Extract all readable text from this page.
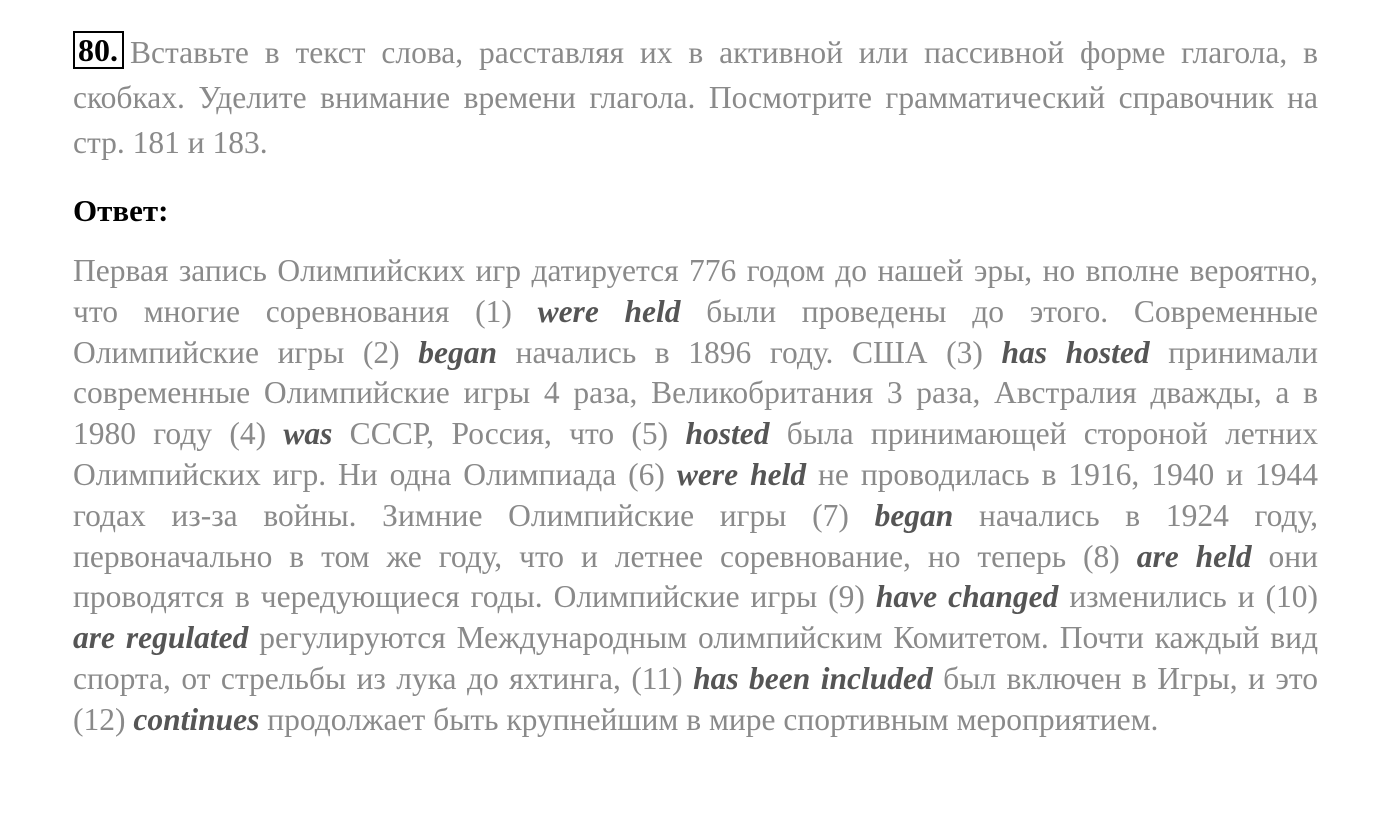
80. Вставьте в текст слова, расставляя их в активной или пассивной форме глагола, в скобках. Уделите внимание времени глагола. Посмотрите грамматический справочник на стр. 181 и 183.

Ответ:

Первая запись Олимпийских игр датируется 776 годом до нашей эры, но вполне вероятно, что многие соревнования (1) were held были проведены до этого. Современные Олимпийские игры (2) began начались в 1896 году. США (3) has hosted принимали современные Олимпийские игры 4 раза, Великобритания 3 раза, Австралия дважды, а в 1980 году (4) was СССР, Россия, что (5) hosted была принимающей стороной летних Олимпийских игр. Ни одна Олимпиада (6) were held не проводилась в 1916, 1940 и 1944 годах из-за войны. Зимние Олимпийские игры (7) began начались в 1924 году, первоначально в том же году, что и летнее соревнование, но теперь (8) are held они проводятся в чередующиеся годы. Олимпийские игры (9) have changed изменились и (10) are regulated регулируются Международным олимпийским Комитетом. Почти каждый вид спорта, от стрельбы из лука до яхтинга, (11) has been included был включен в Игры, и это (12) continues продолжает быть крупнейшим в мире спортивным мероприятием.
